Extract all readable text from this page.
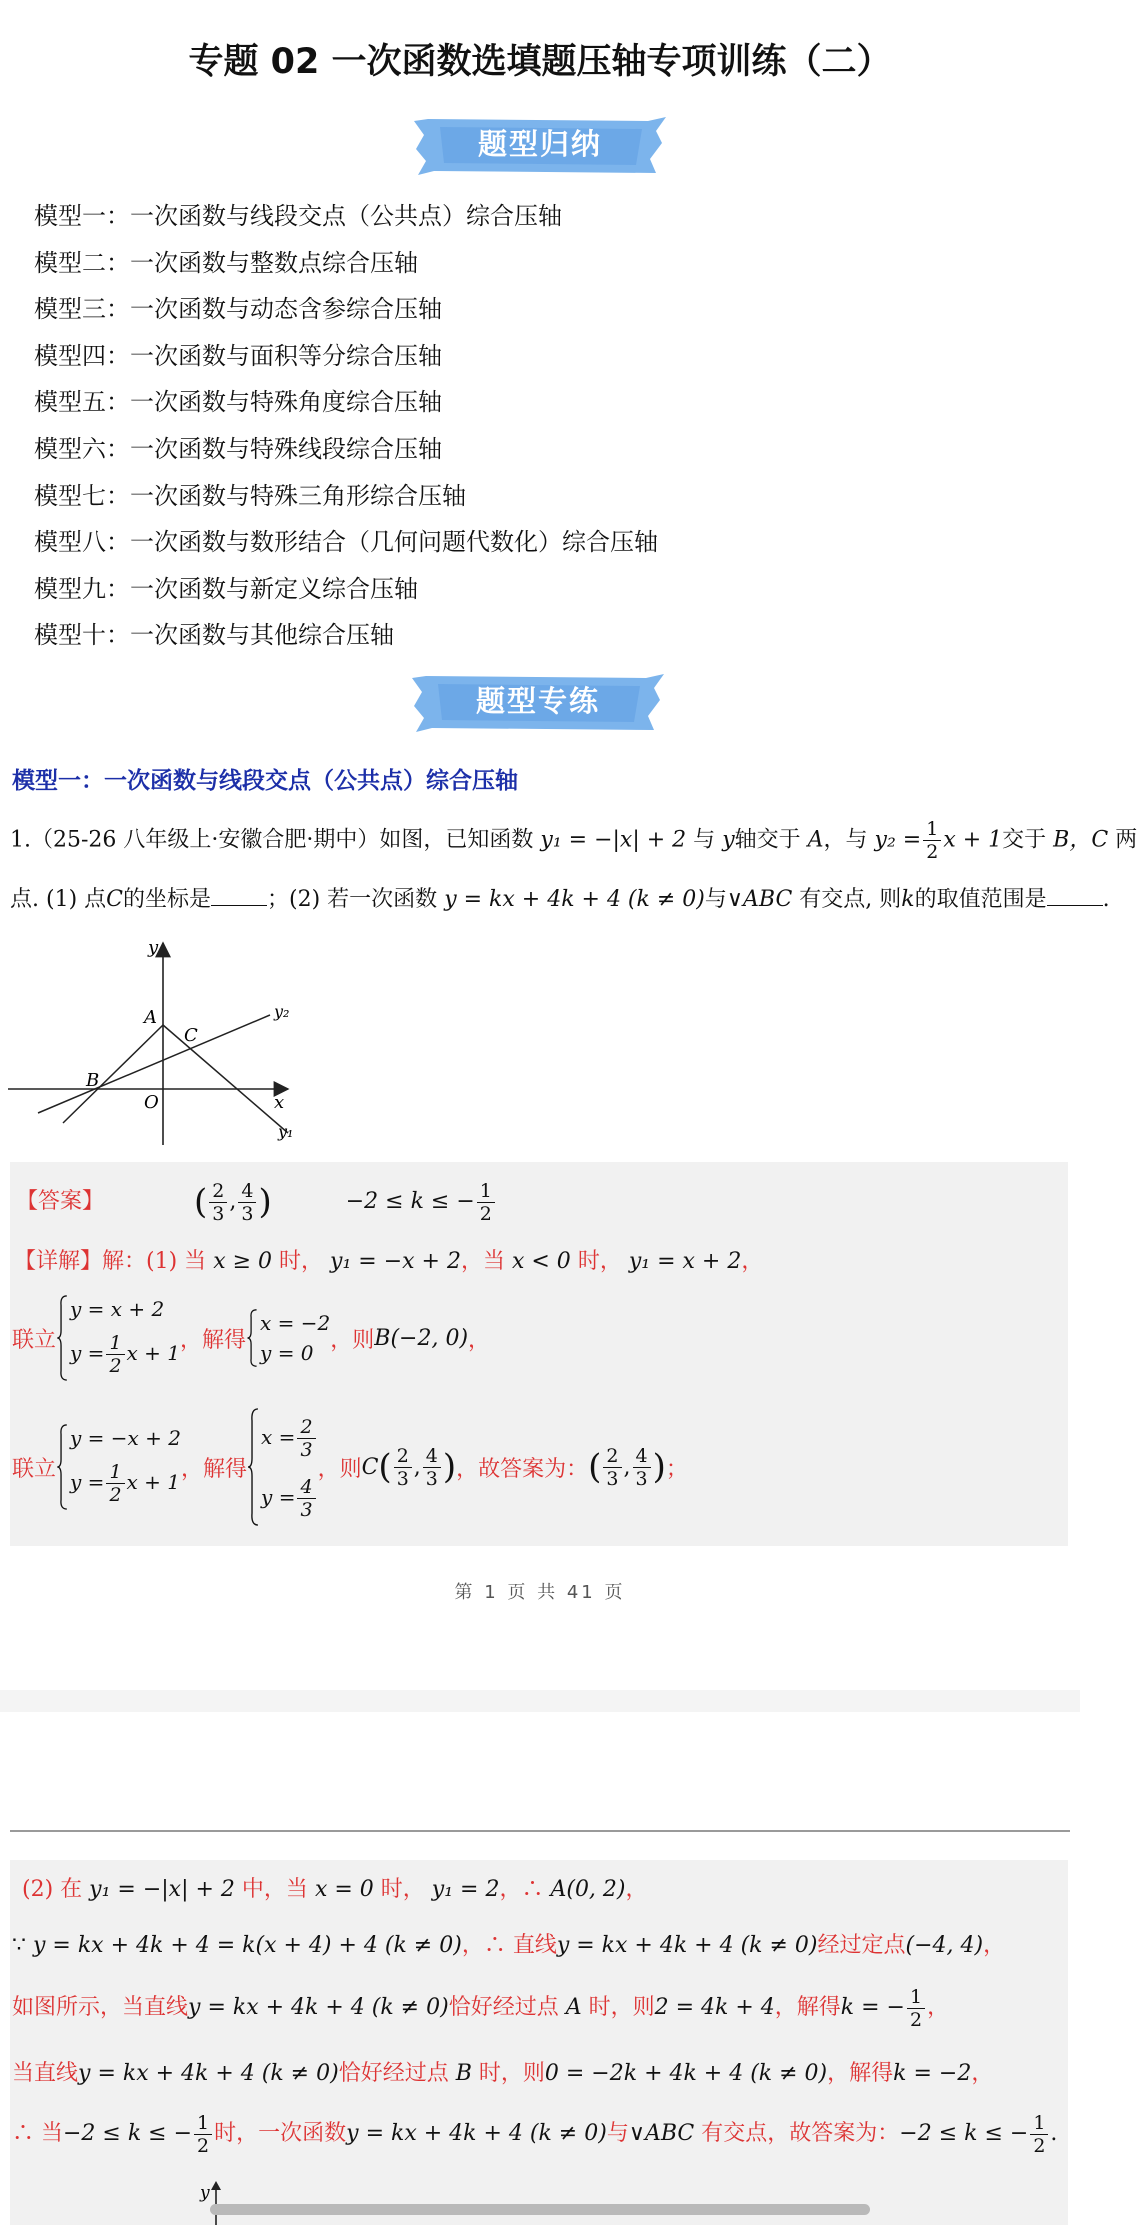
专题 02 一次函数选填题压轴专项训练（二）
题型归纳
模型一：一次函数与线段交点（公共点）综合压轴
模型二：一次函数与整数点综合压轴
模型三：一次函数与动态含参综合压轴
模型四：一次函数与面积等分综合压轴
模型五：一次函数与特殊角度综合压轴
模型六：一次函数与特殊线段综合压轴
模型七：一次函数与特殊三角形综合压轴
模型八：一次函数与数形结合（几何问题代数化）综合压轴
模型九：一次函数与新定义综合压轴
模型十：一次函数与其他综合压轴
题型专练
模型一：一次函数与线段交点（公共点）综合压轴
1.（25-26 八年级上·安徽合肥·期中）如图，已知函数 y₁ = −|x| + 2 与 y轴交于 A，与 $y_2 = \frac{1}{2}$ x + 1交于 B，C 两
点. (1) 点C的坐标是	；(2) 若一次函数 y = kx + 4k + 4 (k ≠ 0)与∨ABC 有交点, 则k的取值范围是	.
y
x
O
A
B
C
y₂
y₁
【答案】	( $\frac{2}{3}$ , $\frac{4}{3}$ )	−2 ≤ k ≤ − $\frac{1}{2}$
【详解】解：(1) 当 x ≥ 0 时， y₁ = −x + 2，当 x < 0 时， y₁ = x + 2，
联立
y = x + 2
$y = \frac{1}{2}$ x + 1
，解得
x = −2
y = 0
，则 B(−2, 0) ，
联立
y = −x + 2
$y = \frac{1}{2}$ x + 1
，解得
$x = \frac{2}{3}$
$y = \frac{4}{3}$
，则 C ( $\frac{2}{3}$ , $\frac{4}{3}$ ) ，故答案为： ( $\frac{2}{3}$ , $\frac{4}{3}$ ) ；
第 1 页 共 41 页
(2) 在 y₁ = −|x| + 2 中，当 x = 0 时， y₁ = 2，∴ A(0, 2)，
∵ y = kx + 4k + 4 = k(x + 4) + 4 (k ≠ 0)，∴ 直线y = kx + 4k + 4 (k ≠ 0)经过定点(−4, 4)，
如图所示，当直线y = kx + 4k + 4 (k ≠ 0)恰好经过点 A 时，则2 = 4k + 4，解得k = − $\frac{1}{2}$ ，
当直线y = kx + 4k + 4 (k ≠ 0)恰好经过点 B 时，则0 = −2k + 4k + 4 (k ≠ 0)，解得k = −2，
∴ 当−2 ≤ k ≤ − $\frac{1}{2}$ 时，一次函数y = kx + 4k + 4 (k ≠ 0)与∨ABC 有交点，故答案为：−2 ≤ k ≤ − $\frac{1}{2}$ .
y
